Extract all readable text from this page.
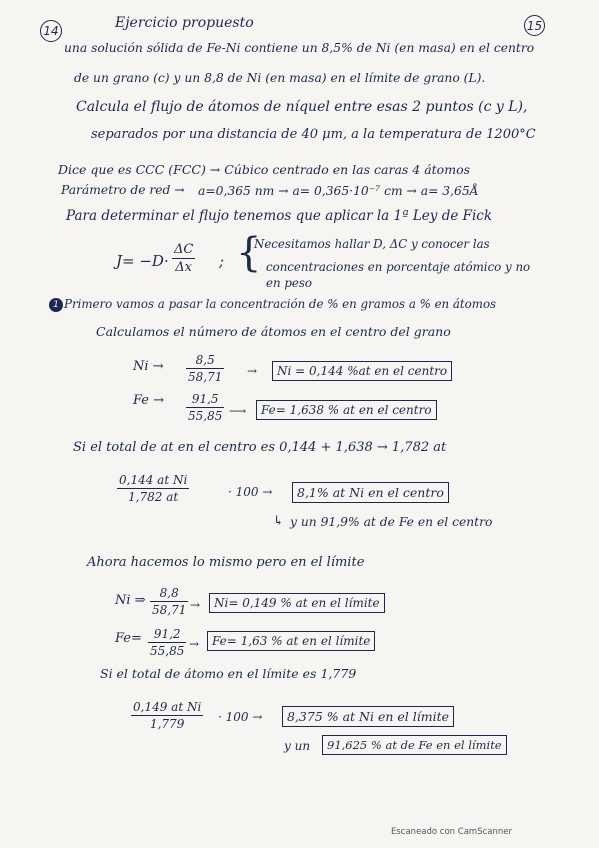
14	15
Ejercicio propuesto
una solución sólida de Fe-Ni contiene un 8,5% de Ni (en masa) en el centro
de un grano (c) y un 8,8 de Ni (en masa) en el límite de grano (L).
Calcula el flujo de átomos de níquel entre esas 2 puntos (c y L),
separados por una distancia de 40 μm, a la temperatura de 1200°C
Dice que es CCC (FCC) → Cúbico centrado en las caras 4 átomos
Parámetro de red → a=0,365 nm → a= 0,365·10⁻⁷ cm → a= 3,65Å
Para determinar el flujo tenemos que aplicar la 1ª Ley de Fick
$J= -D\cdot \frac{\Delta C}{\Delta x}$ ; {
Necesitamos hallar D, ΔC y conocer las
concentraciones en porcentaje atómico y no
en peso
1 Primero vamos a pasar la concentración de % en gramos a % en átomos
Calculamos el número de átomos en el centro del grano
$Ni \to \frac{8,5}{58,71}$ →	Ni = 0,144 %at en el centro
$Fe \to \frac{91,5}{55,85}$ ⟶	Fe= 1,638 % at en el centro
Si el total de at en el centro es 0,144 + 1,638 → 1,782 at
$\frac{\text{0,144 at Ni}}{1,782 at}$	· 100 →	8,1% at Ni en el centro
↳ y un 91,9% at de Fe en el centro
Ahora hacemos lo mismo pero en el límite
Ni ⇒ $\frac{8,8}{58,71}$ →	Ni= 0,149 % at en el límite
$Fe= \frac{91,2}{55,85}$ →	Fe= 1,63 % at en el límite
Si el total de átomo en el límite es 1,779
$\frac{\text{0,149 at Ni}}{1,779} \cdot 100$ →	8,375 % at Ni en el límite
y un	91,625 % at de Fe en el límite
Escaneado con CamScanner
